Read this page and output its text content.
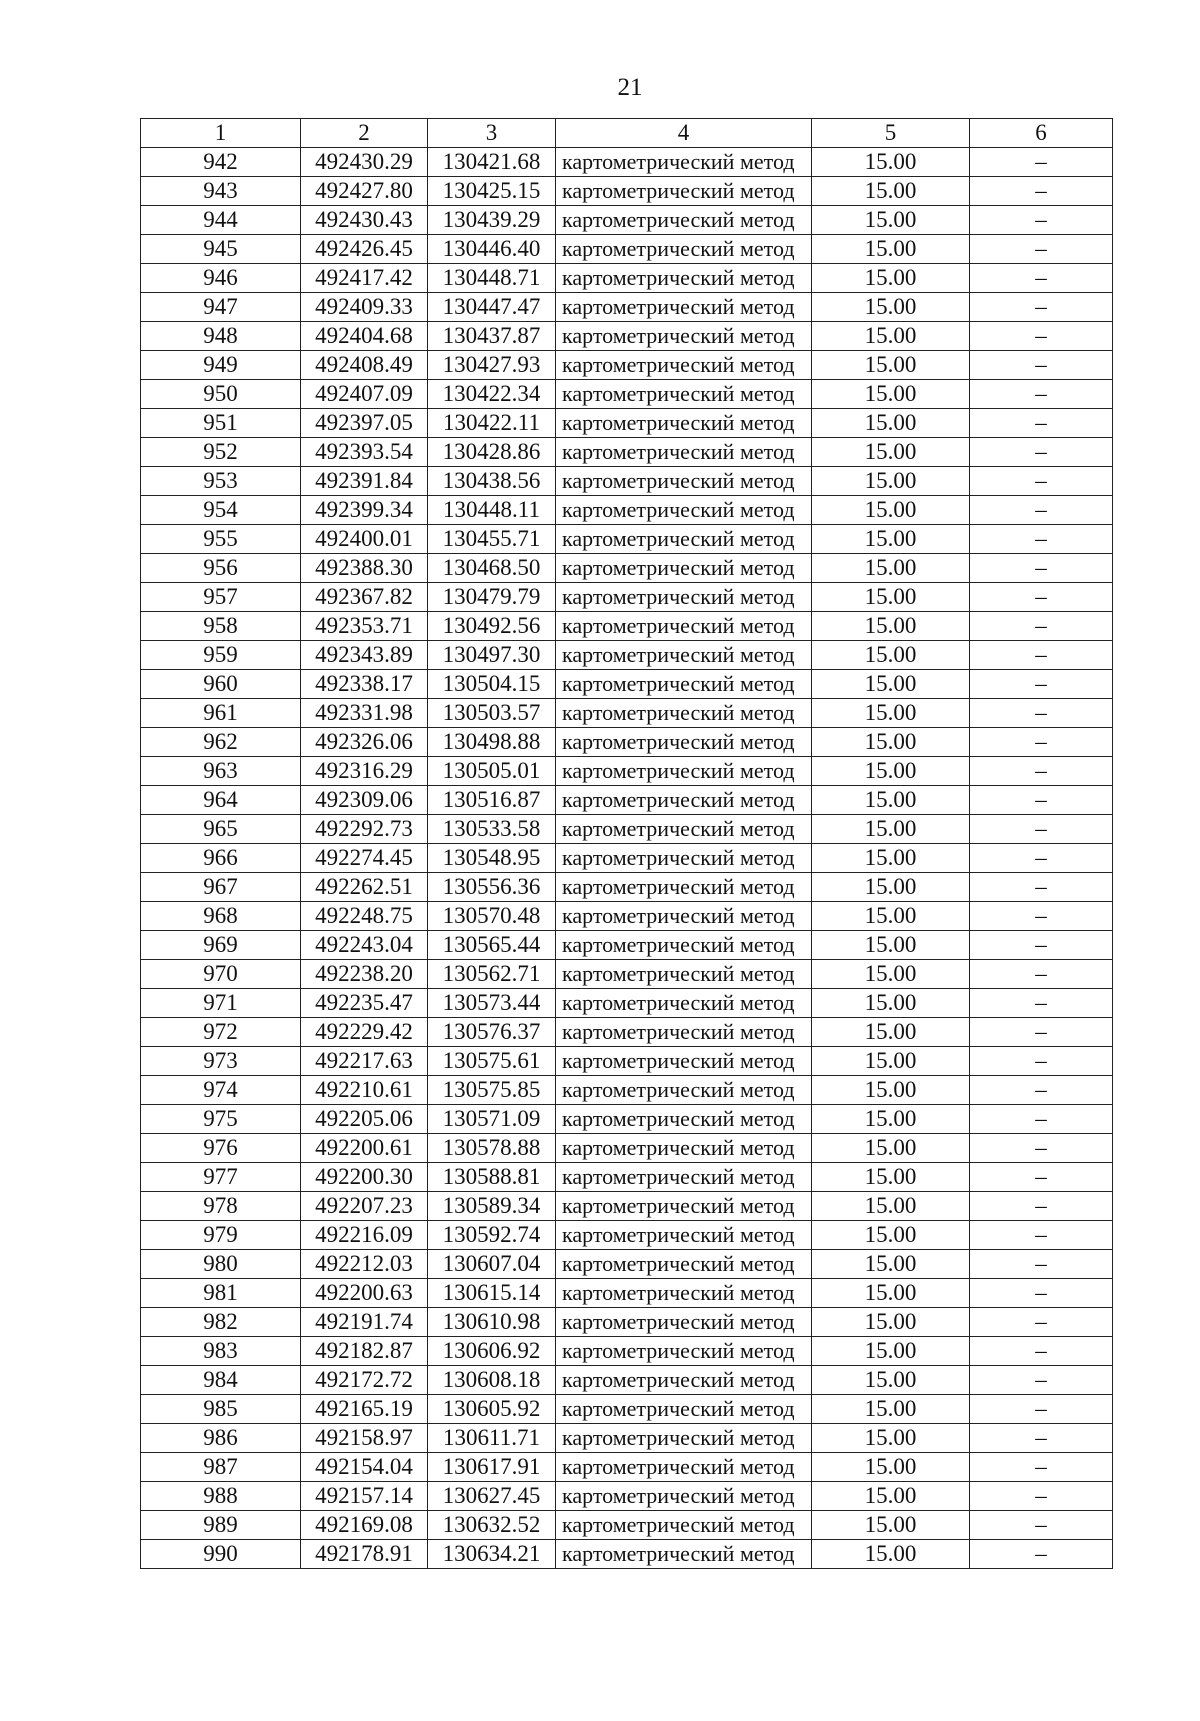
21
1	2	3	4	5	6
942	492430.29	130421.68	картометрический метод	15.00	–
943	492427.80	130425.15	картометрический метод	15.00	–
944	492430.43	130439.29	картометрический метод	15.00	–
945	492426.45	130446.40	картометрический метод	15.00	–
946	492417.42	130448.71	картометрический метод	15.00	–
947	492409.33	130447.47	картометрический метод	15.00	–
948	492404.68	130437.87	картометрический метод	15.00	–
949	492408.49	130427.93	картометрический метод	15.00	–
950	492407.09	130422.34	картометрический метод	15.00	–
951	492397.05	130422.11	картометрический метод	15.00	–
952	492393.54	130428.86	картометрический метод	15.00	–
953	492391.84	130438.56	картометрический метод	15.00	–
954	492399.34	130448.11	картометрический метод	15.00	–
955	492400.01	130455.71	картометрический метод	15.00	–
956	492388.30	130468.50	картометрический метод	15.00	–
957	492367.82	130479.79	картометрический метод	15.00	–
958	492353.71	130492.56	картометрический метод	15.00	–
959	492343.89	130497.30	картометрический метод	15.00	–
960	492338.17	130504.15	картометрический метод	15.00	–
961	492331.98	130503.57	картометрический метод	15.00	–
962	492326.06	130498.88	картометрический метод	15.00	–
963	492316.29	130505.01	картометрический метод	15.00	–
964	492309.06	130516.87	картометрический метод	15.00	–
965	492292.73	130533.58	картометрический метод	15.00	–
966	492274.45	130548.95	картометрический метод	15.00	–
967	492262.51	130556.36	картометрический метод	15.00	–
968	492248.75	130570.48	картометрический метод	15.00	–
969	492243.04	130565.44	картометрический метод	15.00	–
970	492238.20	130562.71	картометрический метод	15.00	–
971	492235.47	130573.44	картометрический метод	15.00	–
972	492229.42	130576.37	картометрический метод	15.00	–
973	492217.63	130575.61	картометрический метод	15.00	–
974	492210.61	130575.85	картометрический метод	15.00	–
975	492205.06	130571.09	картометрический метод	15.00	–
976	492200.61	130578.88	картометрический метод	15.00	–
977	492200.30	130588.81	картометрический метод	15.00	–
978	492207.23	130589.34	картометрический метод	15.00	–
979	492216.09	130592.74	картометрический метод	15.00	–
980	492212.03	130607.04	картометрический метод	15.00	–
981	492200.63	130615.14	картометрический метод	15.00	–
982	492191.74	130610.98	картометрический метод	15.00	–
983	492182.87	130606.92	картометрический метод	15.00	–
984	492172.72	130608.18	картометрический метод	15.00	–
985	492165.19	130605.92	картометрический метод	15.00	–
986	492158.97	130611.71	картометрический метод	15.00	–
987	492154.04	130617.91	картометрический метод	15.00	–
988	492157.14	130627.45	картометрический метод	15.00	–
989	492169.08	130632.52	картометрический метод	15.00	–
990	492178.91	130634.21	картометрический метод	15.00	–
